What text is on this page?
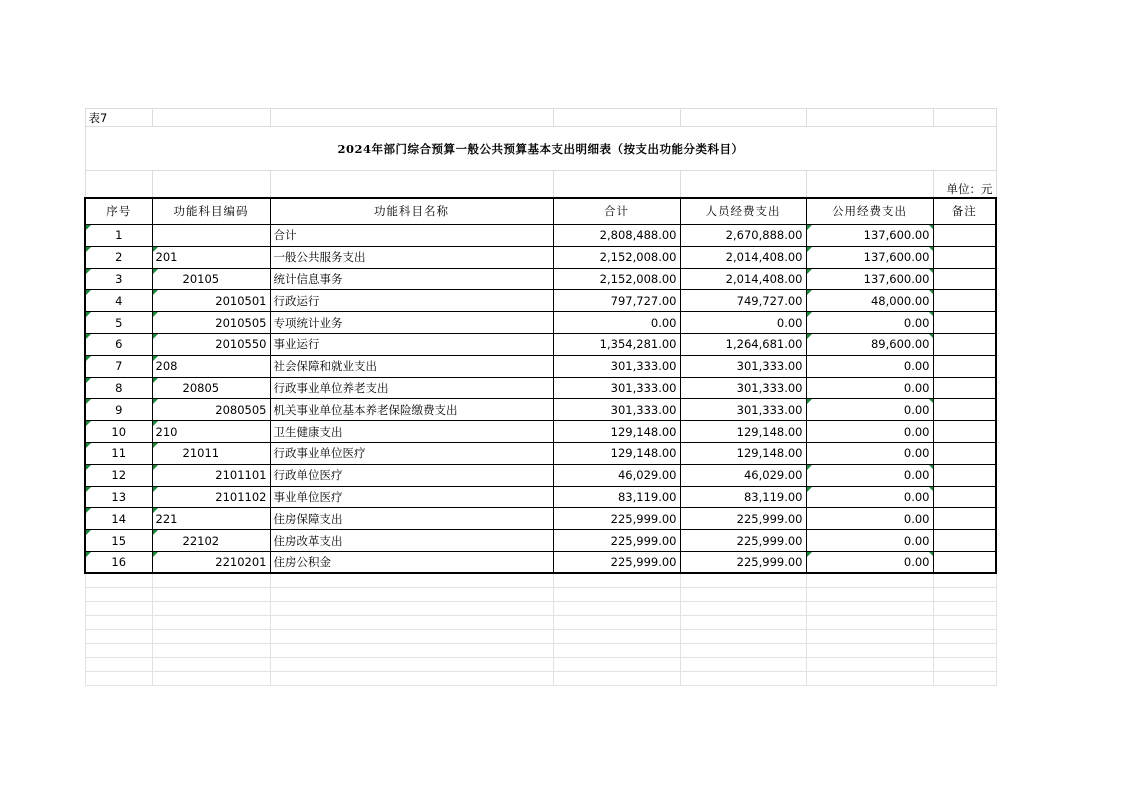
表7						
2024年部门综合预算一般公共预算基本支出明细表（按支出功能分类科目）						
						单位：元
序号	功能科目编码	功能科目名称	合计	人员经费支出	公用经费支出	备注
1		合计	2,808,488.00	2,670,888.00	137,600.00	
2	201	一般公共服务支出	2,152,008.00	2,014,408.00	137,600.00	
3	20105	统计信息事务	2,152,008.00	2,014,408.00	137,600.00	
4	2010501	行政运行	797,727.00	749,727.00	48,000.00	
5	2010505	专项统计业务	0.00	0.00	0.00	
6	2010550	事业运行	1,354,281.00	1,264,681.00	89,600.00	
7	208	社会保障和就业支出	301,333.00	301,333.00	0.00	
8	20805	行政事业单位养老支出	301,333.00	301,333.00	0.00	
9	2080505	机关事业单位基本养老保险缴费支出	301,333.00	301,333.00	0.00	
10	210	卫生健康支出	129,148.00	129,148.00	0.00	
11	21011	行政事业单位医疗	129,148.00	129,148.00	0.00	
12	2101101	行政单位医疗	46,029.00	46,029.00	0.00	
13	2101102	事业单位医疗	83,119.00	83,119.00	0.00	
14	221	住房保障支出	225,999.00	225,999.00	0.00	
15	22102	住房改革支出	225,999.00	225,999.00	0.00	
16	2210201	住房公积金	225,999.00	225,999.00	0.00	
